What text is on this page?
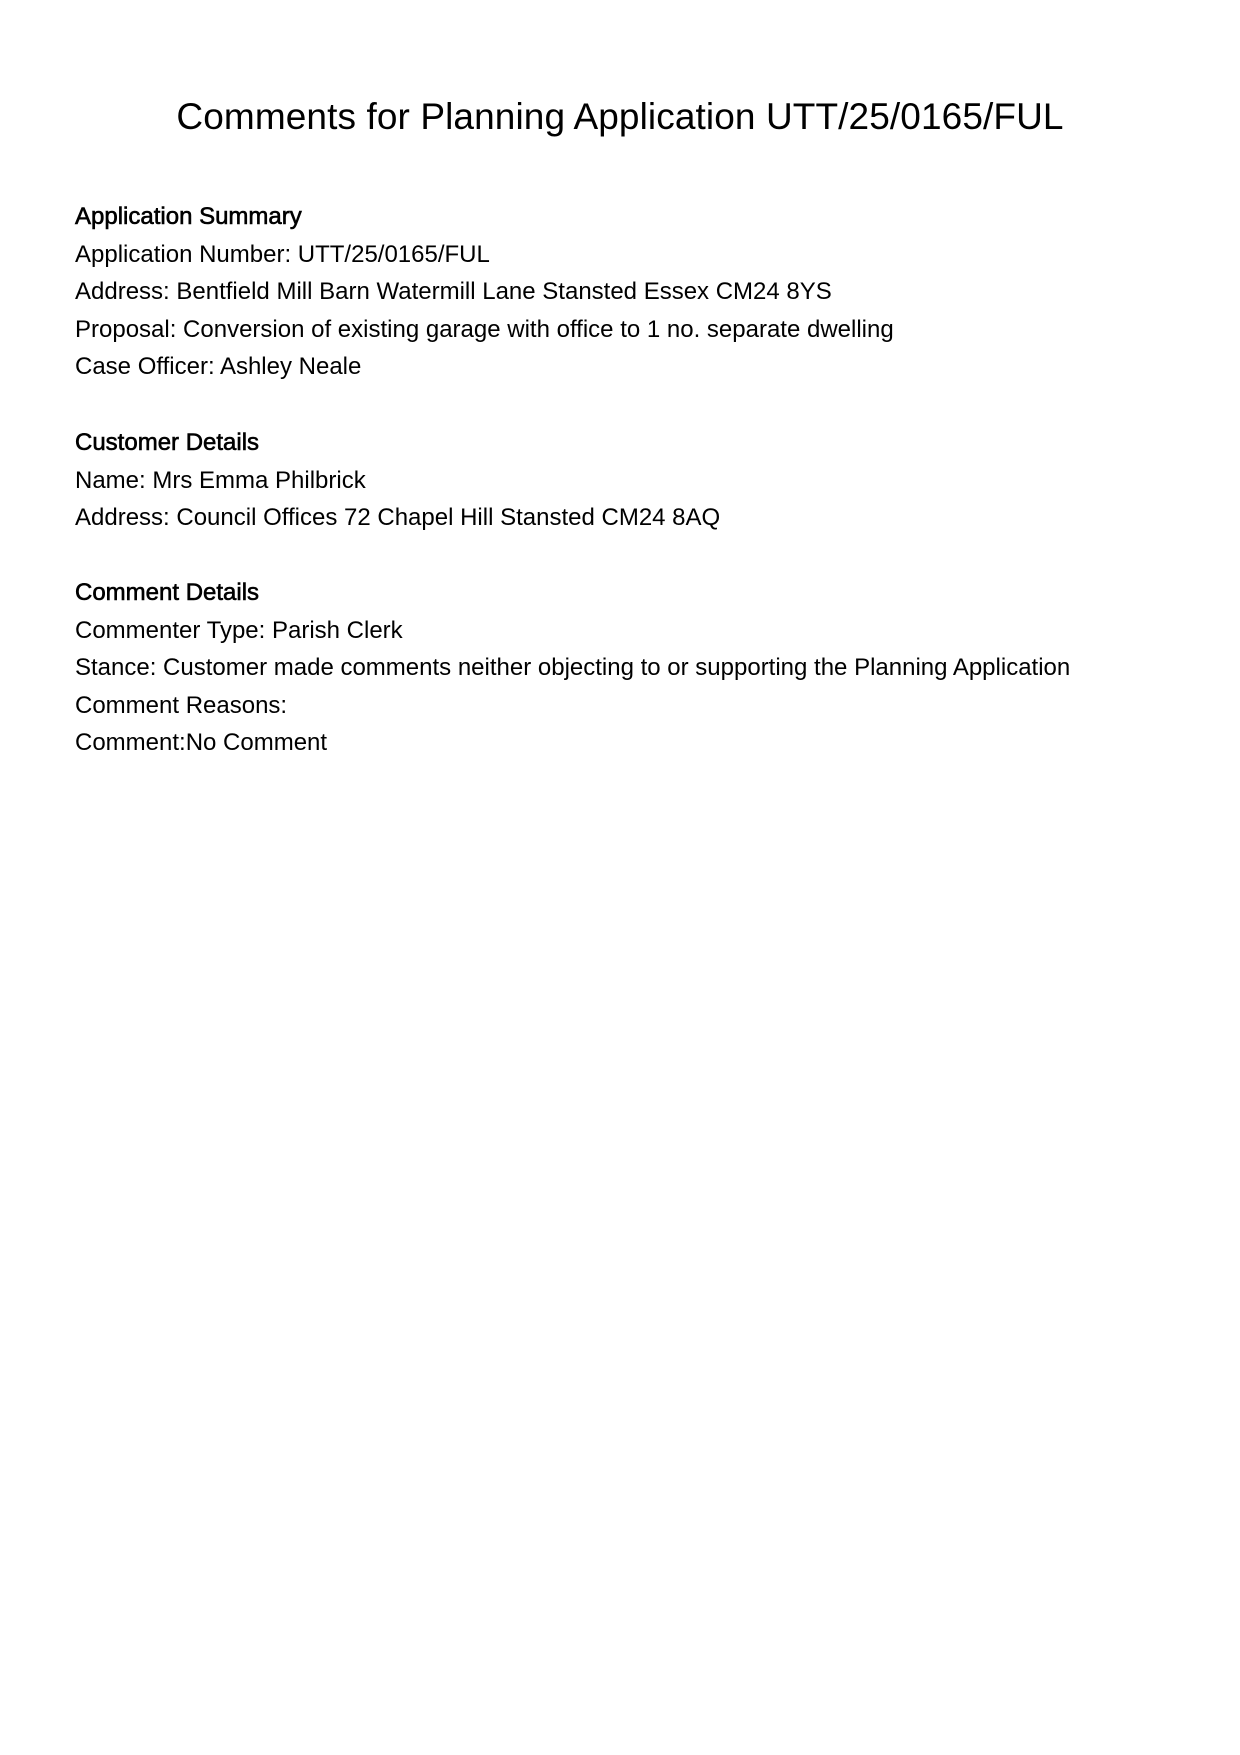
Comments for Planning Application UTT/25/0165/FUL

Application Summary

Application Number: UTT/25/0165/FUL

Address: Bentfield Mill Barn Watermill Lane Stansted Essex CM24 8YS

Proposal: Conversion of existing garage with office to 1 no. separate dwelling

Case Officer: Ashley Neale

Customer Details

Name: Mrs Emma Philbrick

Address: Council Offices 72 Chapel Hill Stansted CM24 8AQ

Comment Details

Commenter Type: Parish Clerk

Stance: Customer made comments neither objecting to or supporting the Planning Application

Comment Reasons:

Comment:No Comment
